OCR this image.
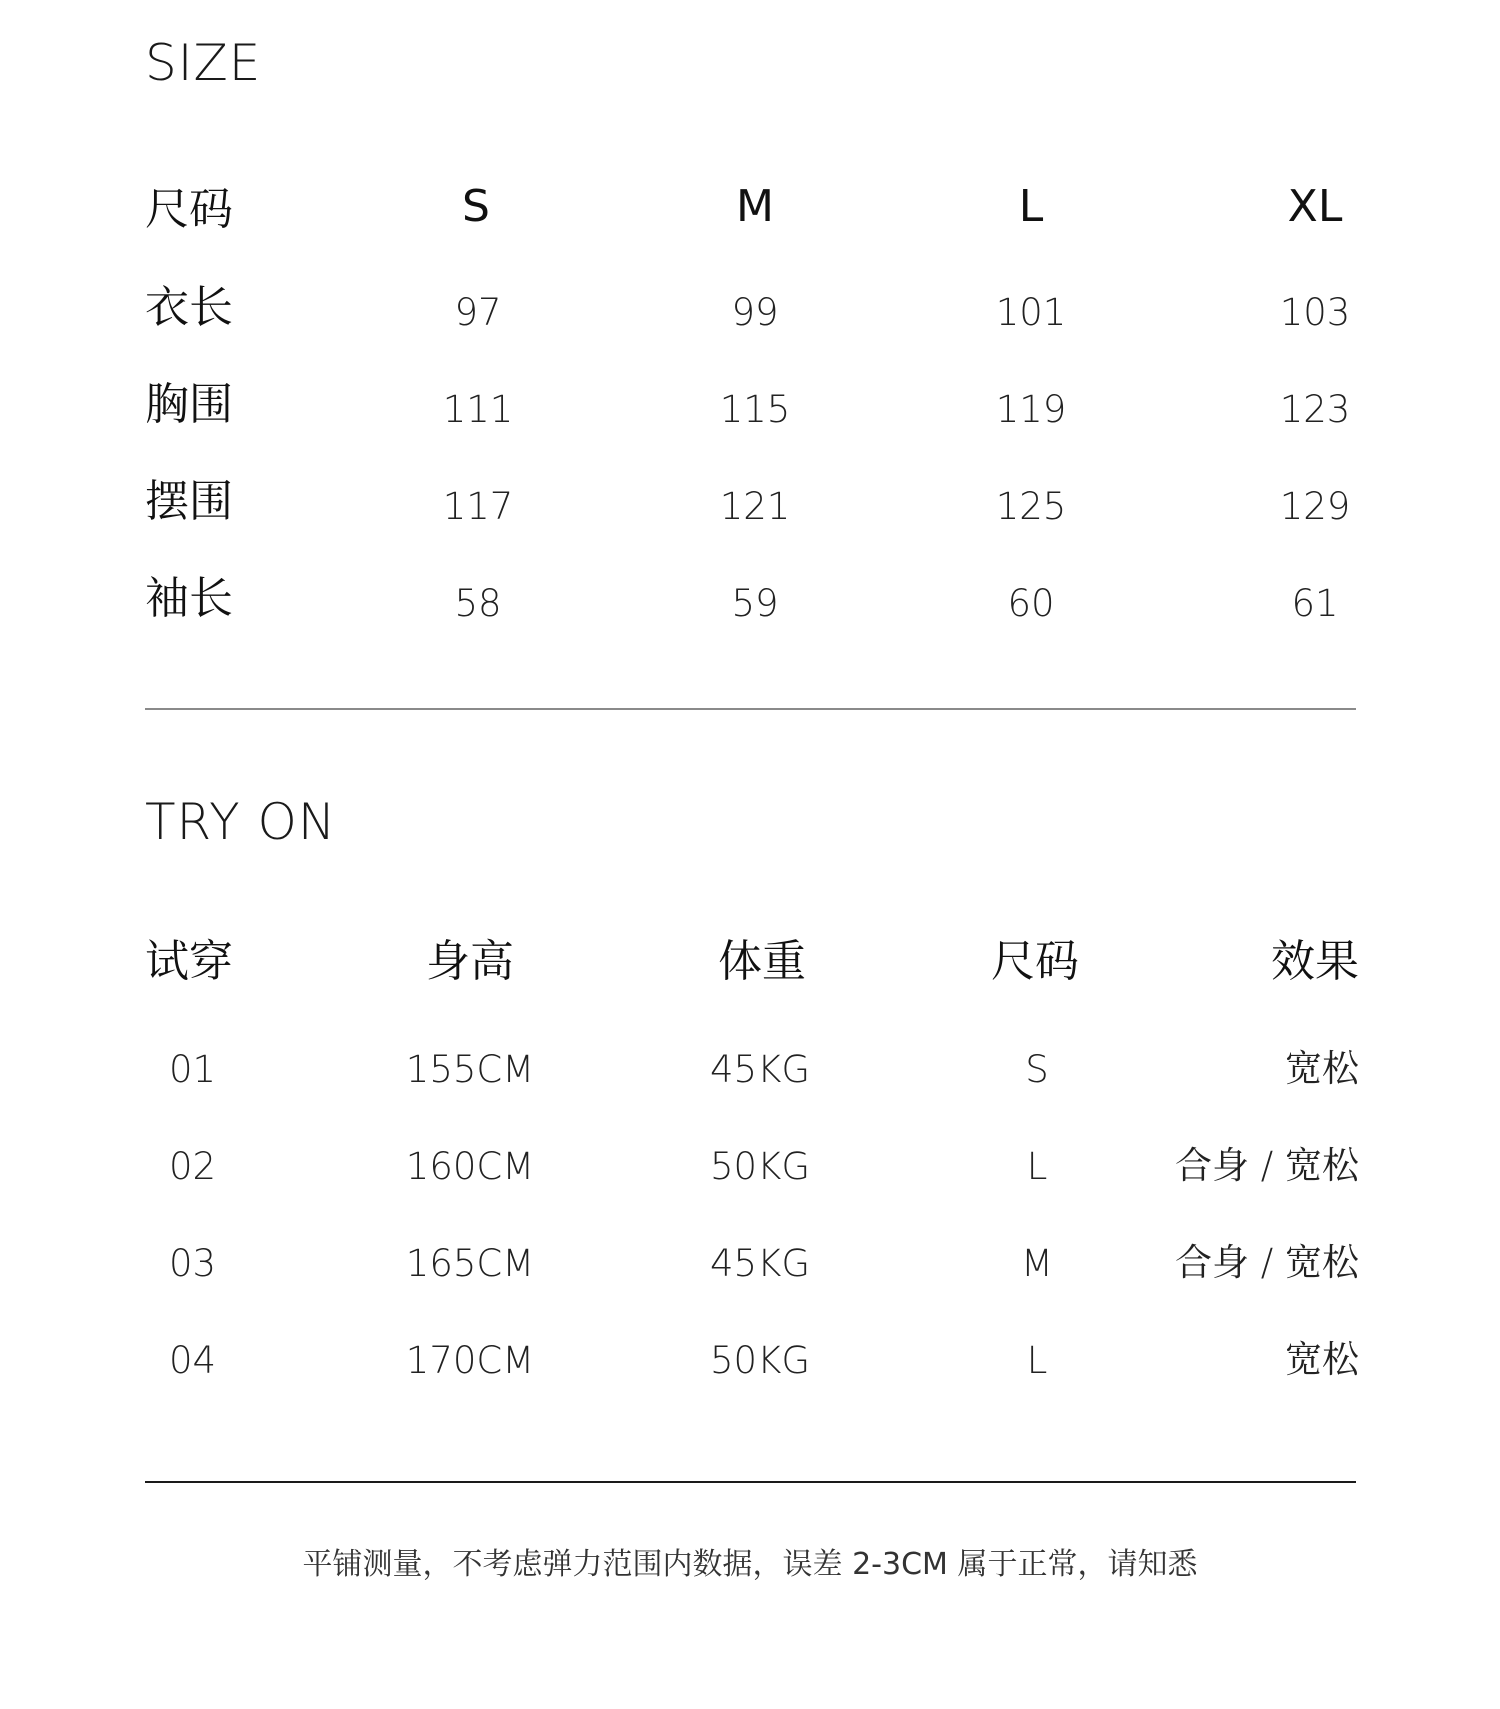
SIZE
尺码	S	M	L	XL
衣长	97	99	101	103
胸围	111	115	119	123
摆围	117	121	125	129
袖长	58	59	60	61
TRY ON
试穿	身高	体重	尺码	效果
01	155CM	45KG	S	宽松
02	160CM	50KG	L	合身 / 宽松
03	165CM	45KG	M	合身 / 宽松
04	170CM	50KG	L	宽松
平铺测量，不考虑弹力范围内数据，误差 2-3CM 属于正常，请知悉
